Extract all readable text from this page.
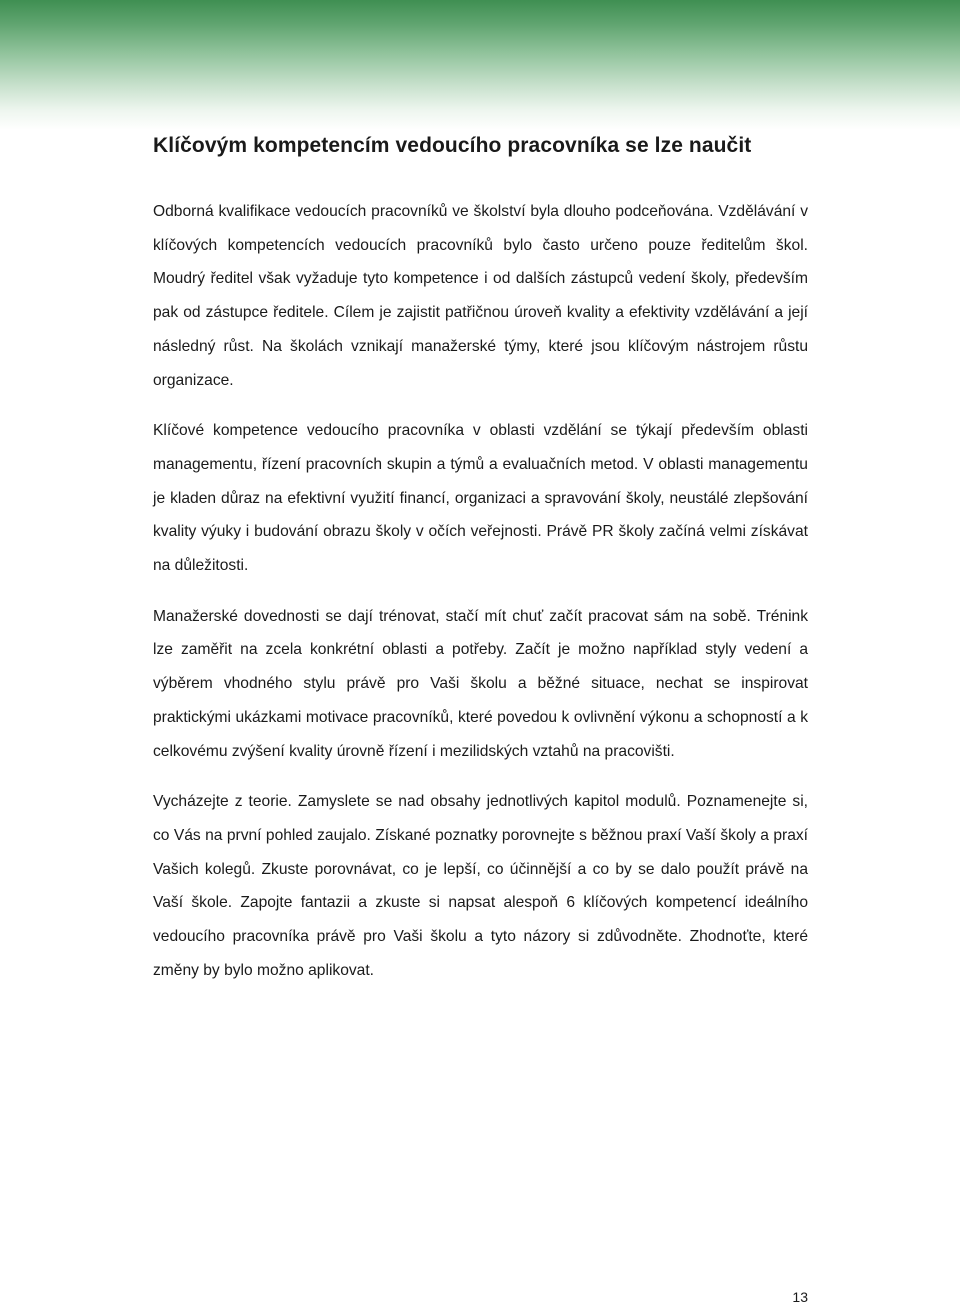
Klíčovým kompetencím vedoucího pracovníka se lze naučit

Odborná kvalifikace vedoucích pracovníků ve školství byla dlouho podceňována. Vzdělávání v klíčových kompetencích vedoucích pracovníků bylo často určeno pouze ředitelům škol. Moudrý ředitel však vyžaduje tyto kompetence i od dalších zástupců vedení školy, především pak od zástupce ředitele. Cílem je zajistit patřičnou úroveň kvality a efektivity vzdělávání a její následný růst. Na školách vznikají manažerské týmy, které jsou klíčovým nástrojem růstu organizace.

Klíčové kompetence vedoucího pracovníka v oblasti vzdělání se týkají především oblasti managementu, řízení pracovních skupin a týmů a evaluačních metod. V oblasti managementu je kladen důraz na efektivní využití financí, organizaci a spravování školy, neustálé zlepšování kvality výuky i budování obrazu školy v očích veřejnosti. Právě PR školy začíná velmi získávat na důležitosti.

Manažerské dovednosti se dají trénovat, stačí mít chuť začít pracovat sám na sobě. Trénink lze zaměřit na zcela konkrétní oblasti a potřeby. Začít je možno například styly vedení a výběrem vhodného stylu právě pro Vaši školu a běžné situace, nechat se inspirovat praktickými ukázkami motivace pracovníků, které povedou k ovlivnění výkonu a schopností a k celkovému zvýšení kvality úrovně řízení i mezilidských vztahů na pracovišti.

Vycházejte z teorie. Zamyslete se nad obsahy jednotlivých kapitol modulů. Poznamenejte si, co Vás na první pohled zaujalo. Získané poznatky porovnejte s běžnou praxí Vaší školy a praxí Vašich kolegů. Zkuste porovnávat, co je lepší, co účinnější a co by se dalo použít právě na Vaší škole. Zapojte fantazii a zkuste si napsat alespoň 6 klíčových kompetencí ideálního vedoucího pracovníka právě pro Vaši školu a tyto názory si zdůvodněte. Zhodnoťte, které změny by bylo možno aplikovat.

13
